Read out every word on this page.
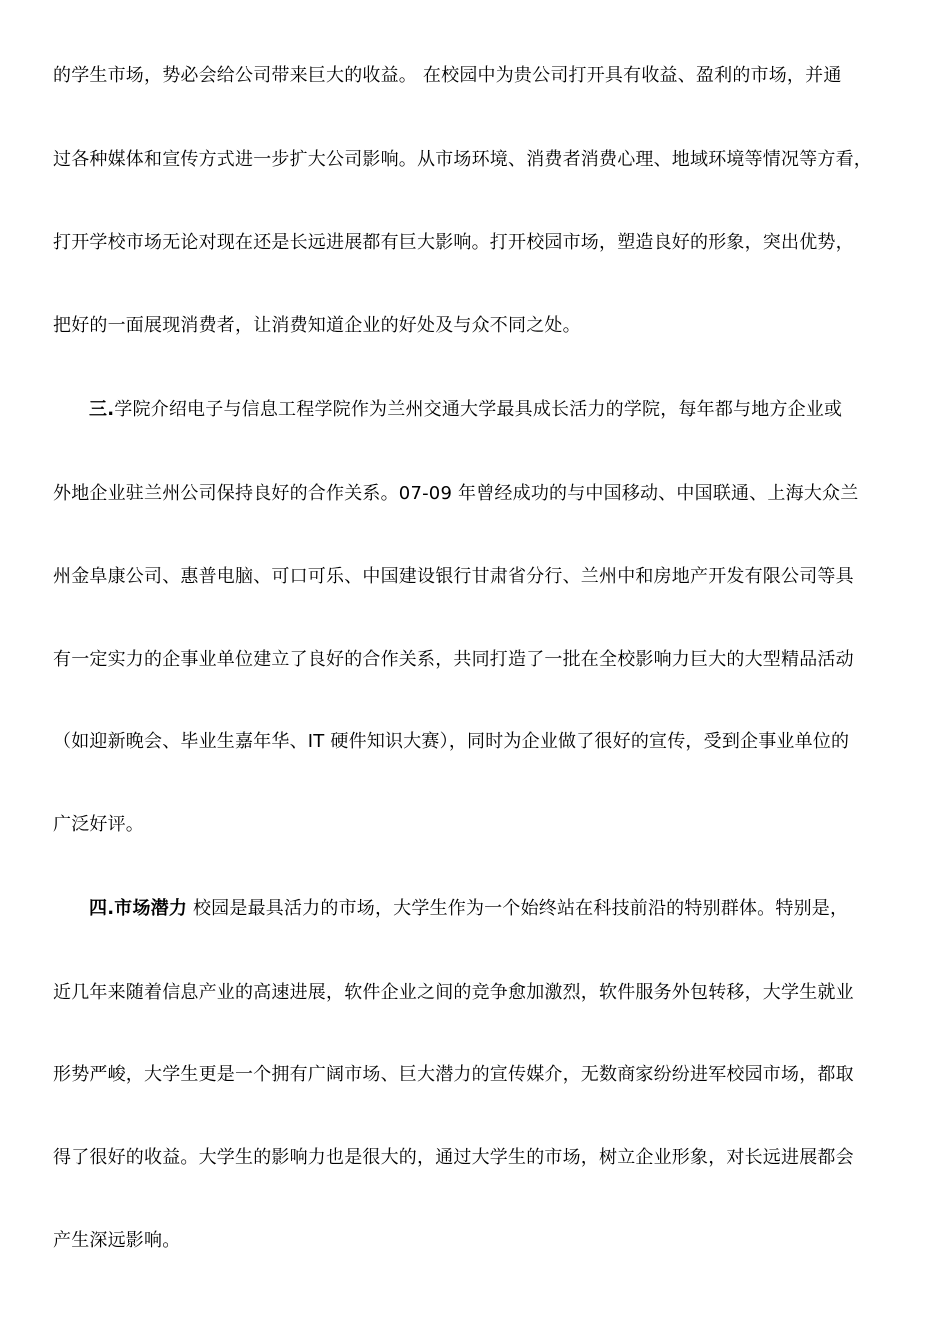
的学生市场，势必会给公司带来巨大的收益。 在校园中为贵公司打开具有收益、盈利的市场，并通
过各种媒体和宣传方式进一步扩大公司影响。从市场环境、消费者消费心理、地域环境等情况等方看，
打开学校市场无论对现在还是长远进展都有巨大影响。打开校园市场，塑造良好的形象，突出优势，
把好的一面展现消费者，让消费知道企业的好处及与众不同之处。
三.学院介绍电子与信息工程学院作为兰州交通大学最具成长活力的学院，每年都与地方企业或
外地企业驻兰州公司保持良好的合作关系。07-09 年曾经成功的与中国移动、中国联通、上海大众兰
州金阜康公司、惠普电脑、可口可乐、中国建设银行甘肃省分行、兰州中和房地产开发有限公司等具
有一定实力的企事业单位建立了良好的合作关系，共同打造了一批在全校影响力巨大的大型精品活动
（如迎新晚会、毕业生嘉年华、IT 硬件知识大赛），同时为企业做了很好的宣传，受到企事业单位的
广泛好评。
四.市场潜力 校园是最具活力的市场，大学生作为一个始终站在科技前沿的特别群体。特别是，
近几年来随着信息产业的高速进展，软件企业之间的竞争愈加激烈，软件服务外包转移，大学生就业
形势严峻，大学生更是一个拥有广阔市场、巨大潜力的宣传媒介，无数商家纷纷进军校园市场，都取
得了很好的收益。大学生的影响力也是很大的，通过大学生的市场，树立企业形象，对长远进展都会
产生深远影响。
